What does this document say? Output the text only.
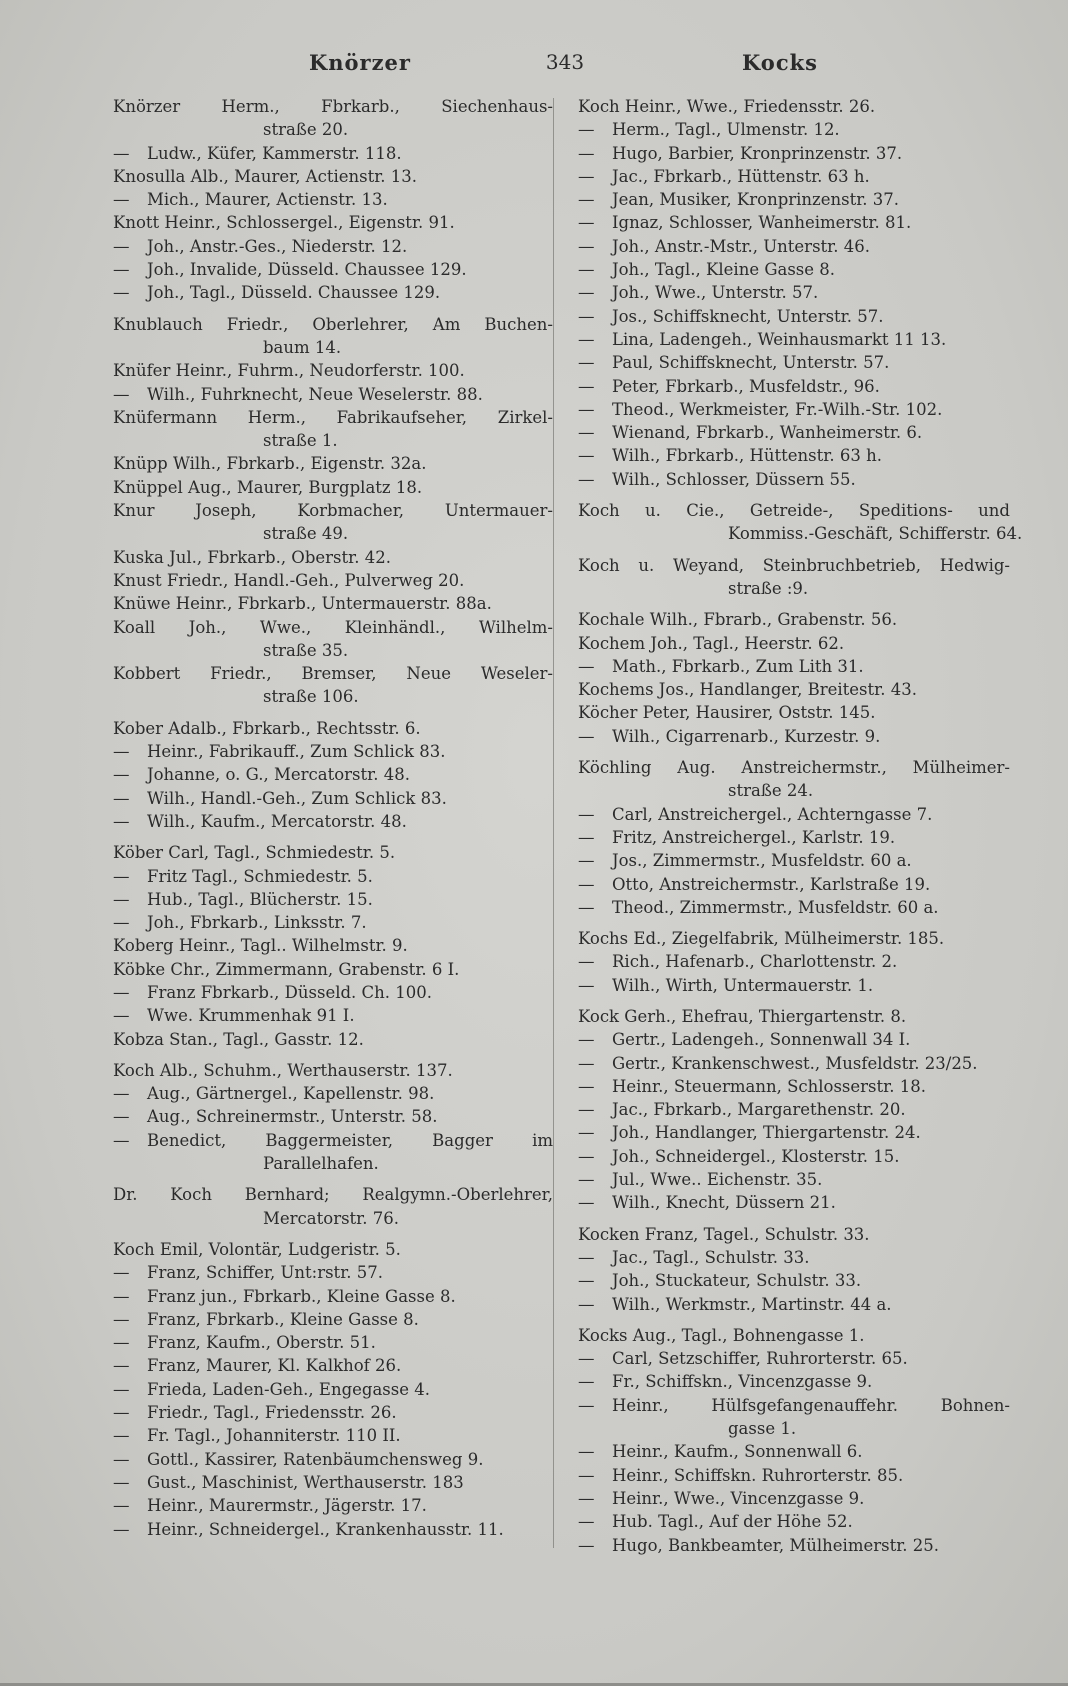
Knörzer	343	Kocks
Knörzer Herm., Fbrkarb., Siechenhaus-
straße 20.
— Ludw., Küfer, Kammerstr. 118.
Knosulla Alb., Maurer, Actienstr. 13.
— Mich., Maurer, Actienstr. 13.
Knott Heinr., Schlossergel., Eigenstr. 91.
— Joh., Anstr.-Ges., Niederstr. 12.
— Joh., Invalide, Düsseld. Chaussee 129.
— Joh., Tagl., Düsseld. Chaussee 129.
Knublauch Friedr., Oberlehrer, Am Buchen-
baum 14.
Knüfer Heinr., Fuhrm., Neudorferstr. 100.
— Wilh., Fuhrknecht, Neue Weselerstr. 88.
Knüfermann Herm., Fabrikaufseher, Zirkel-
straße 1.
Knüpp Wilh., Fbrkarb., Eigenstr. 32a.
Knüppel Aug., Maurer, Burgplatz 18.
Knur Joseph, Korbmacher, Untermauer-
straße 49.
Kuska Jul., Fbrkarb., Oberstr. 42.
Knust Friedr., Handl.-Geh., Pulverweg 20.
Knüwe Heinr., Fbrkarb., Untermauerstr. 88a.
Koall Joh., Wwe., Kleinhändl., Wilhelm-
straße 35.
Kobbert Friedr., Bremser, Neue Weseler-
straße 106.
Kober Adalb., Fbrkarb., Rechtsstr. 6.
— Heinr., Fabrikauff., Zum Schlick 83.
— Johanne, o. G., Mercatorstr. 48.
— Wilh., Handl.-Geh., Zum Schlick 83.
— Wilh., Kaufm., Mercatorstr. 48.
Köber Carl, Tagl., Schmiedestr. 5.
— Fritz Tagl., Schmiedestr. 5.
— Hub., Tagl., Blücherstr. 15.
— Joh., Fbrkarb., Linksstr. 7.
Koberg Heinr., Tagl.. Wilhelmstr. 9.
Köbke Chr., Zimmermann, Grabenstr. 6 I.
— Franz Fbrkarb., Düsseld. Ch. 100.
— Wwe. Krummenhak 91 I.
Kobza Stan., Tagl., Gasstr. 12.
Koch Alb., Schuhm., Werthauserstr. 137.
— Aug., Gärtnergel., Kapellenstr. 98.
— Aug., Schreinermstr., Unterstr. 58.
— Benedict, Baggermeister, Bagger im
Parallelhafen.
Dr. Koch Bernhard; Realgymn.-Oberlehrer,
Mercatorstr. 76.
Koch Emil, Volontär, Ludgeristr. 5.
— Franz, Schiffer, Unt:rstr. 57.
— Franz jun., Fbrkarb., Kleine Gasse 8.
— Franz, Fbrkarb., Kleine Gasse 8.
— Franz, Kaufm., Oberstr. 51.
— Franz, Maurer, Kl. Kalkhof 26.
— Frieda, Laden-Geh., Engegasse 4.
— Friedr., Tagl., Friedensstr. 26.
— Fr. Tagl., Johanniterstr. 110 II.
— Gottl., Kassirer, Ratenbäumchensweg 9.
— Gust., Maschinist, Werthauserstr. 183
— Heinr., Maurermstr., Jägerstr. 17.
— Heinr., Schneidergel., Krankenhausstr. 11.
Koch Heinr., Wwe., Friedensstr. 26.
— Herm., Tagl., Ulmenstr. 12.
— Hugo, Barbier, Kronprinzenstr. 37.
— Jac., Fbrkarb., Hüttenstr. 63 h.
— Jean, Musiker, Kronprinzenstr. 37.
— Ignaz, Schlosser, Wanheimerstr. 81.
— Joh., Anstr.-Mstr., Unterstr. 46.
— Joh., Tagl., Kleine Gasse 8.
— Joh., Wwe., Unterstr. 57.
— Jos., Schiffsknecht, Unterstr. 57.
— Lina, Ladengeh., Weinhausmarkt 11 13.
— Paul, Schiffsknecht, Unterstr. 57.
— Peter, Fbrkarb., Musfeldstr., 96.
— Theod., Werkmeister, Fr.-Wilh.-Str. 102.
— Wienand, Fbrkarb., Wanheimerstr. 6.
— Wilh., Fbrkarb., Hüttenstr. 63 h.
— Wilh., Schlosser, Düssern 55.
Koch u. Cie., Getreide-, Speditions- und
Kommiss.-Geschäft, Schifferstr. 64.
Koch u. Weyand, Steinbruchbetrieb, Hedwig-
straße :9.
Kochale Wilh., Fbrarb., Grabenstr. 56.
Kochem Joh., Tagl., Heerstr. 62.
— Math., Fbrkarb., Zum Lith 31.
Kochems Jos., Handlanger, Breitestr. 43.
Köcher Peter, Hausirer, Oststr. 145.
— Wilh., Cigarrenarb., Kurzestr. 9.
Köchling Aug. Anstreichermstr., Mülheimer-
straße 24.
— Carl, Anstreichergel., Achterngasse 7.
— Fritz, Anstreichergel., Karlstr. 19.
— Jos., Zimmermstr., Musfeldstr. 60 a.
— Otto, Anstreichermstr., Karlstraße 19.
— Theod., Zimmermstr., Musfeldstr. 60 a.
Kochs Ed., Ziegelfabrik, Mülheimerstr. 185.
— Rich., Hafenarb., Charlottenstr. 2.
— Wilh., Wirth, Untermauerstr. 1.
Kock Gerh., Ehefrau, Thiergartenstr. 8.
— Gertr., Ladengeh., Sonnenwall 34 I.
— Gertr., Krankenschwest., Musfeldstr. 23/25.
— Heinr., Steuermann, Schlosserstr. 18.
— Jac., Fbrkarb., Margarethenstr. 20.
— Joh., Handlanger, Thiergartenstr. 24.
— Joh., Schneidergel., Klosterstr. 15.
— Jul., Wwe.. Eichenstr. 35.
— Wilh., Knecht, Düssern 21.
Kocken Franz, Tagel., Schulstr. 33.
— Jac., Tagl., Schulstr. 33.
— Joh., Stuckateur, Schulstr. 33.
— Wilh., Werkmstr., Martinstr. 44 a.
Kocks Aug., Tagl., Bohnengasse 1.
— Carl, Setzschiffer, Ruhrorterstr. 65.
— Fr., Schiffskn., Vincenzgasse 9.
— Heinr., Hülfsgefangenauffehr. Bohnen-
gasse 1.
— Heinr., Kaufm., Sonnenwall 6.
— Heinr., Schiffskn. Ruhrorterstr. 85.
— Heinr., Wwe., Vincenzgasse 9.
— Hub. Tagl., Auf der Höhe 52.
— Hugo, Bankbeamter, Mülheimerstr. 25.
